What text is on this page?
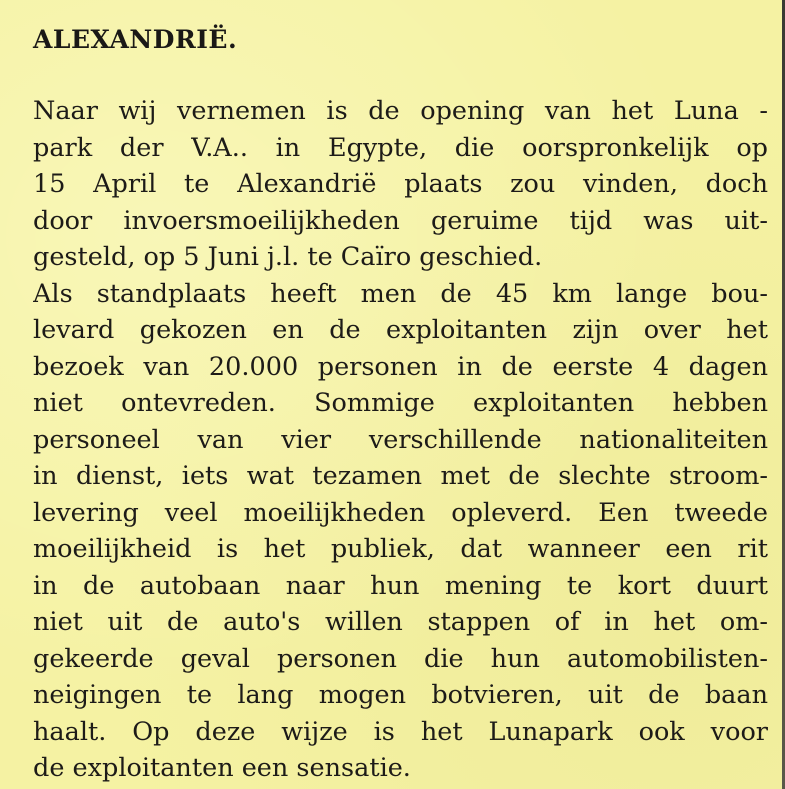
ALEXANDRIË.
Naar wij vernemen is de opening van het Luna -
park der V.A.. in Egypte, die oorspronkelijk op
15 April te Alexandrië plaats zou vinden, doch
door invoersmoeilijkheden geruime tijd was uit-
gesteld, op 5 Juni j.l. te Caïro geschied.
Als standplaats heeft men de 45 km lange bou-
levard gekozen en de exploitanten zijn over het
bezoek van 20.000 personen in de eerste 4 dagen
niet ontevreden. Sommige exploitanten hebben
personeel van vier verschillende nationaliteiten
in dienst, iets wat tezamen met de slechte stroom-
levering veel moeilijkheden opleverd. Een tweede
moeilijkheid is het publiek, dat wanneer een rit
in de autobaan naar hun mening te kort duurt
niet uit de auto's willen stappen of in het om-
gekeerde geval personen die hun automobilisten-
neigingen te lang mogen botvieren, uit de baan
haalt. Op deze wijze is het Lunapark ook voor
de exploitanten een sensatie.
